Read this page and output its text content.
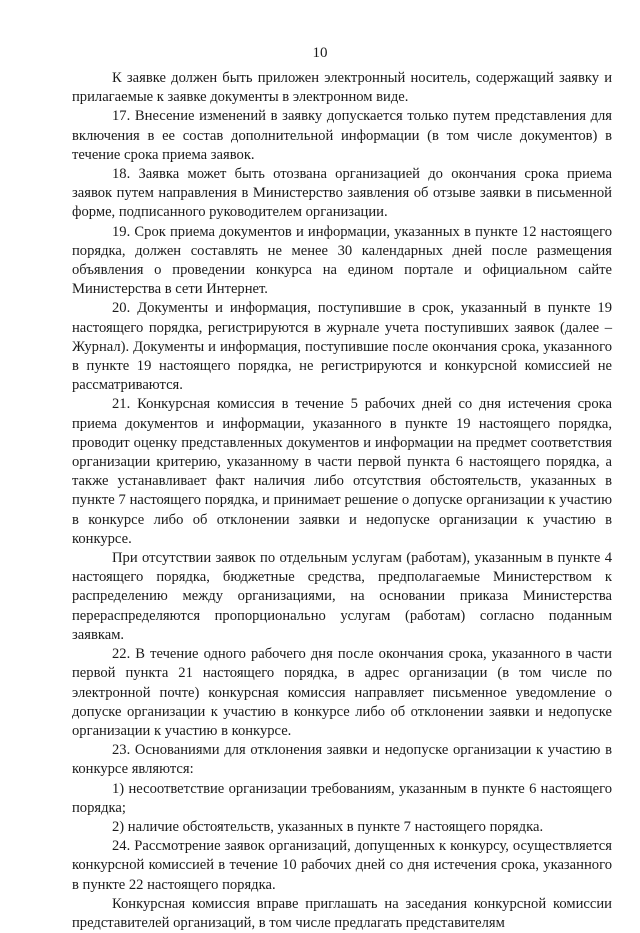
10

К заявке должен быть приложен электронный носитель, содержащий заявку и прилагаемые к заявке документы в электронном виде.

17. Внесение изменений в заявку допускается только путем представления для включения в ее состав дополнительной информации (в том числе документов) в течение срока приема заявок.

18. Заявка может быть отозвана организацией до окончания срока приема заявок путем направления в Министерство заявления об отзыве заявки в письменной форме, подписанного руководителем организации.

19. Срок приема документов и информации, указанных в пункте 12 настоящего порядка, должен составлять не менее 30 календарных дней после размещения объявления о проведении конкурса на едином портале и официальном сайте Министерства в сети Интернет.

20. Документы и информация, поступившие в срок, указанный в пункте 19 настоящего порядка, регистрируются в журнале учета поступивших заявок (далее – Журнал). Документы и информация, поступившие после окончания срока, указанного в пункте 19 настоящего порядка, не регистрируются и конкурсной комиссией не рассматриваются.

21. Конкурсная комиссия в течение 5 рабочих дней со дня истечения срока приема документов и информации, указанного в пункте 19 настоящего порядка, проводит оценку представленных документов и информации на предмет соответствия организации критерию, указанному в части первой пункта 6 настоящего порядка, а также устанавливает факт наличия либо отсутствия обстоятельств, указанных в пункте 7 настоящего порядка, и принимает решение о допуске организации к участию в конкурсе либо об отклонении заявки и недопуске организации к участию в конкурсе.

При отсутствии заявок по отдельным услугам (работам), указанным в пункте 4 настоящего порядка, бюджетные средства, предполагаемые Министерством к распределению между организациями, на основании приказа Министерства перераспределяются пропорционально услугам (работам) согласно поданным заявкам.

22. В течение одного рабочего дня после окончания срока, указанного в части первой пункта 21 настоящего порядка, в адрес организации (в том числе по электронной почте) конкурсная комиссия направляет письменное уведомление о допуске организации к участию в конкурсе либо об отклонении заявки и недопуске организации к участию в конкурсе.

23. Основаниями для отклонения заявки и недопуске организации к участию в конкурсе являются:

1) несоответствие организации требованиям, указанным в пункте 6 настоящего порядка;

2) наличие обстоятельств, указанных в пункте 7 настоящего порядка.

24. Рассмотрение заявок организаций, допущенных к конкурсу, осуществляется конкурсной комиссией в течение 10 рабочих дней со дня истечения срока, указанного в пункте 22 настоящего порядка.

Конкурсная комиссия вправе приглашать на заседания конкурсной комиссии представителей организаций, в том числе предлагать представителям
